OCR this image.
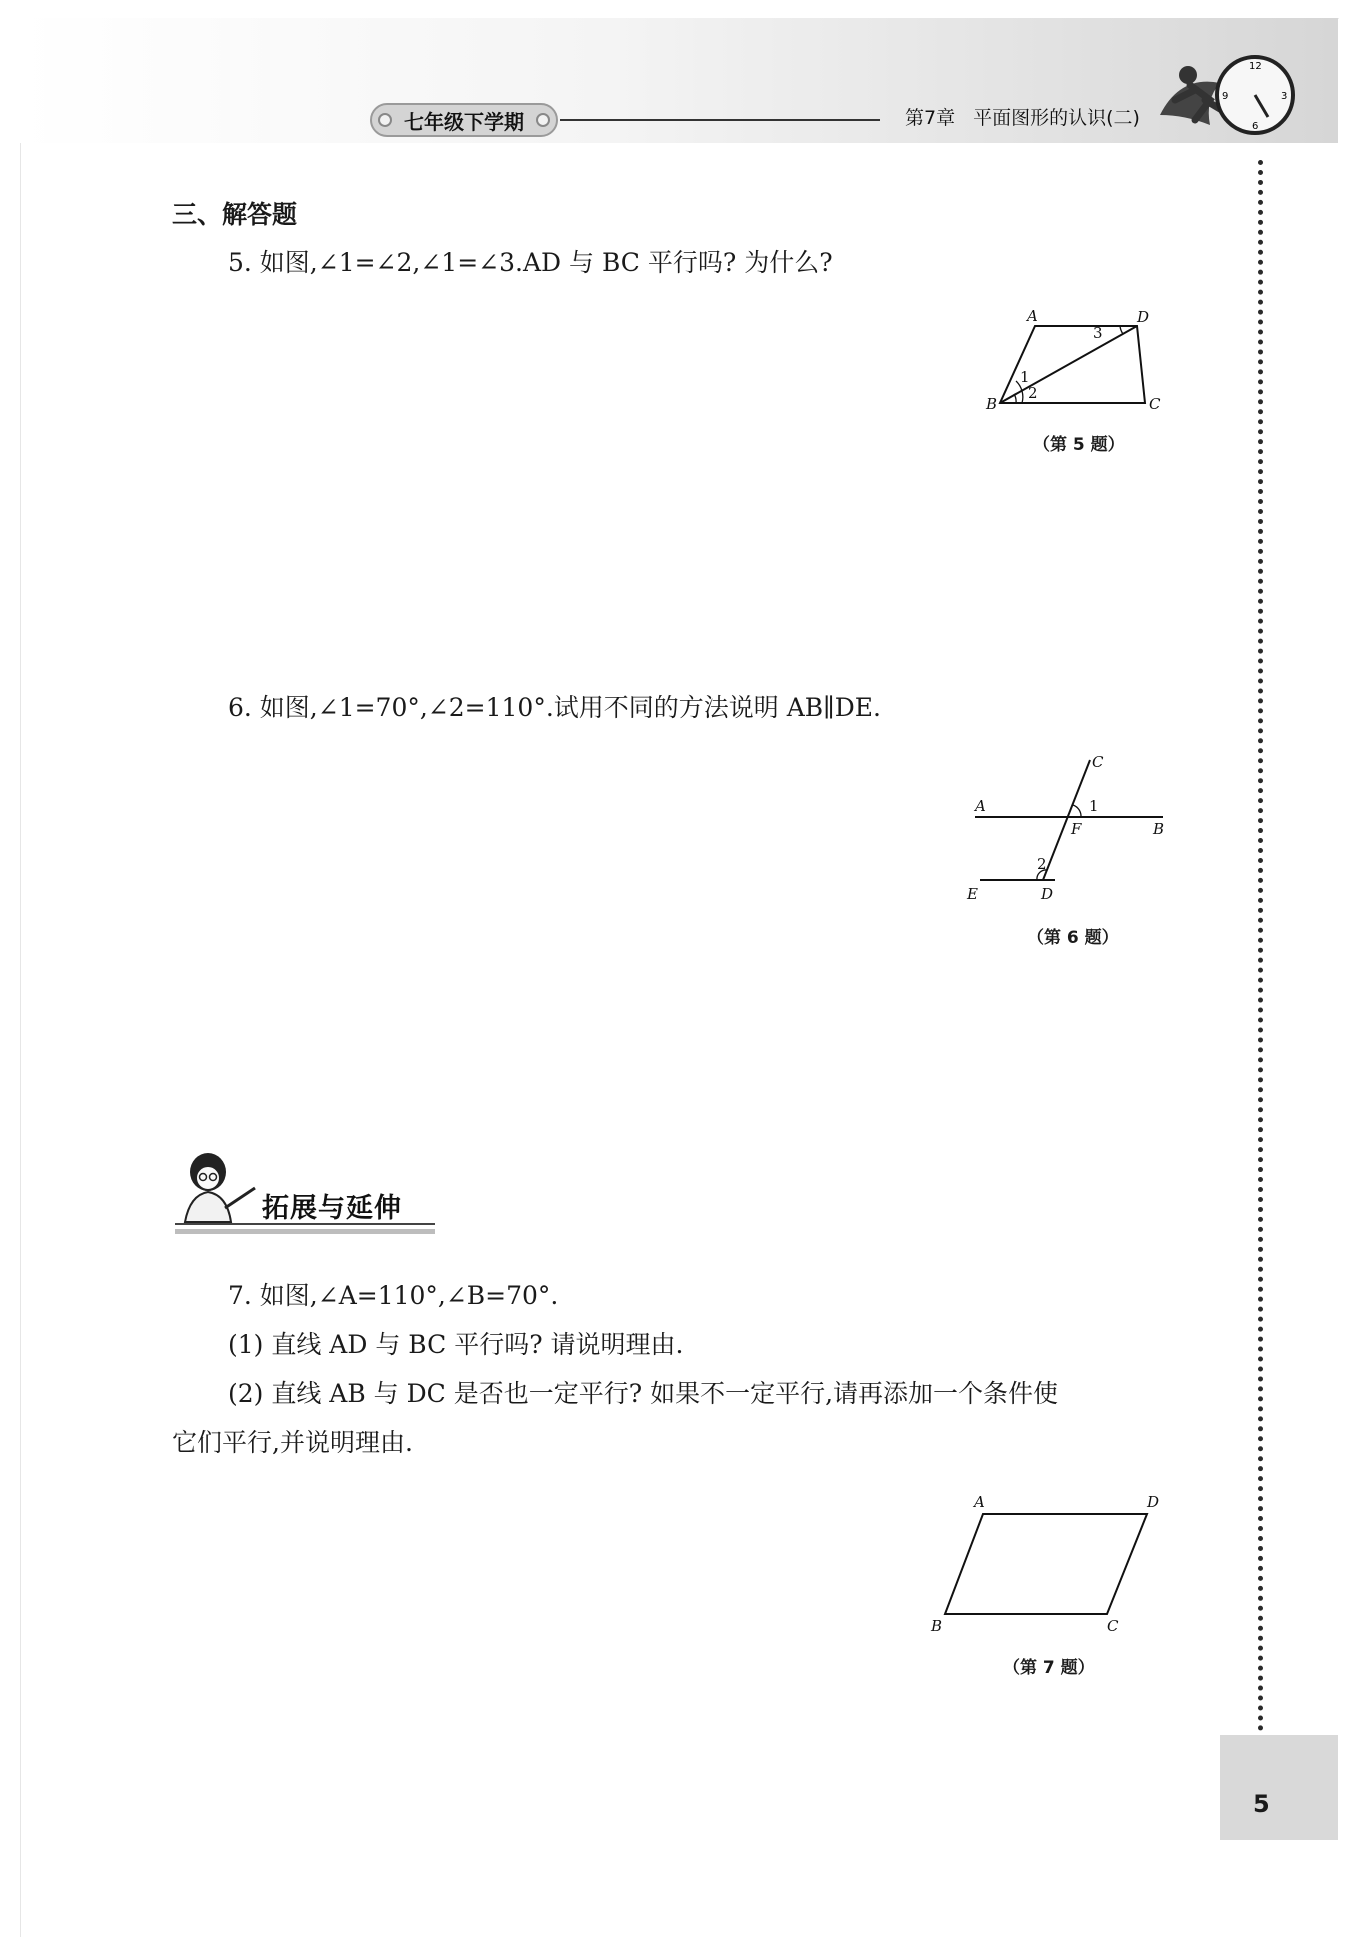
七年级下学期	第7章 平面图形的认识(二)
12
3
6
9
5
三、解答题
5. 如图,∠1=∠2,∠1=∠3.AD 与 BC 平行吗? 为什么?
A	D
B	C
1
2
3
（第 5 题）
6. 如图,∠1=70°,∠2=110°.试用不同的方法说明 AB∥DE.
C
A	1
F	B
2
E	D
（第 6 题）
拓展与延伸
7. 如图,∠A=110°,∠B=70°.
(1) 直线 AD 与 BC 平行吗? 请说明理由.
(2) 直线 AB 与 DC 是否也一定平行? 如果不一定平行,请再添加一个条件使
它们平行,并说明理由.
A	D
B	C
（第 7 题）
